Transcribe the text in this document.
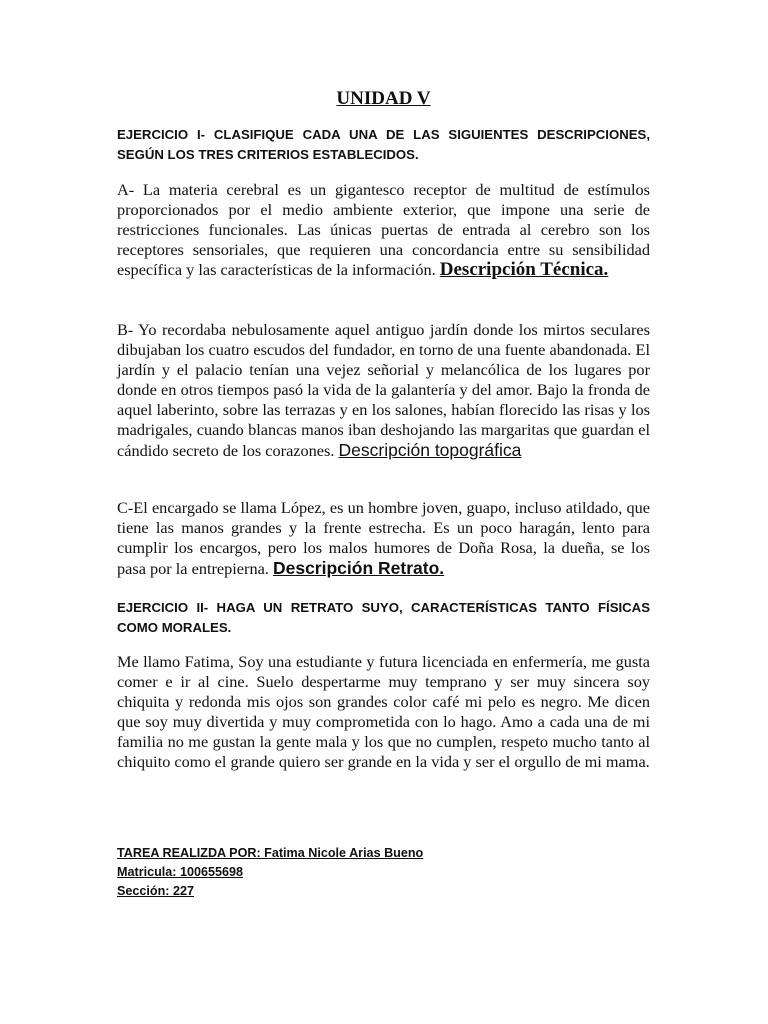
UNIDAD V

EJERCICIO I- CLASIFIQUE CADA UNA DE LAS SIGUIENTES DESCRIPCIONES, SEGÚN LOS TRES CRITERIOS ESTABLECIDOS.

A- La materia cerebral es un gigantesco receptor de multitud de estímulos proporcionados por el medio ambiente exterior, que impone una serie de restricciones funcionales. Las únicas puertas de entrada al cerebro son los receptores sensoriales, que requieren una concordancia entre su sensibilidad específica y las características de la información. Descripción Técnica.

B- Yo recordaba nebulosamente aquel antiguo jardín donde los mirtos seculares dibujaban los cuatro escudos del fundador, en torno de una fuente abandonada. El jardín y el palacio tenían una vejez señorial y melancólica de los lugares por donde en otros tiempos pasó la vida de la galantería y del amor. Bajo la fronda de aquel laberinto, sobre las terrazas y en los salones, habían florecido las risas y los madrigales, cuando blancas manos iban deshojando las margaritas que guardan el cándido secreto de los corazones. Descripción topográfica

C-El encargado se llama López, es un hombre joven, guapo, incluso atildado, que tiene las manos grandes y la frente estrecha. Es un poco haragán, lento para cumplir los encargos, pero los malos humores de Doña Rosa, la dueña, se los pasa por la entrepierna. Descripción Retrato.

EJERCICIO II- HAGA UN RETRATO SUYO, CARACTERÍSTICAS TANTO FÍSICAS COMO MORALES.

Me llamo Fatima, Soy una estudiante y futura licenciada en enfermería, me gusta comer e ir al cine. Suelo despertarme muy temprano y ser muy sincera soy chiquita y redonda mis ojos son grandes color café mi pelo es negro. Me dicen que soy muy divertida y muy comprometida con lo hago. Amo a cada una de mi familia no me gustan la gente mala y los que no cumplen, respeto mucho tanto al chiquito como el grande quiero ser grande en la vida y ser el orgullo de mi mama.

TAREA REALIZDA POR: Fatima Nicole Arias Bueno
Matricula: 100655698
Sección: 227
